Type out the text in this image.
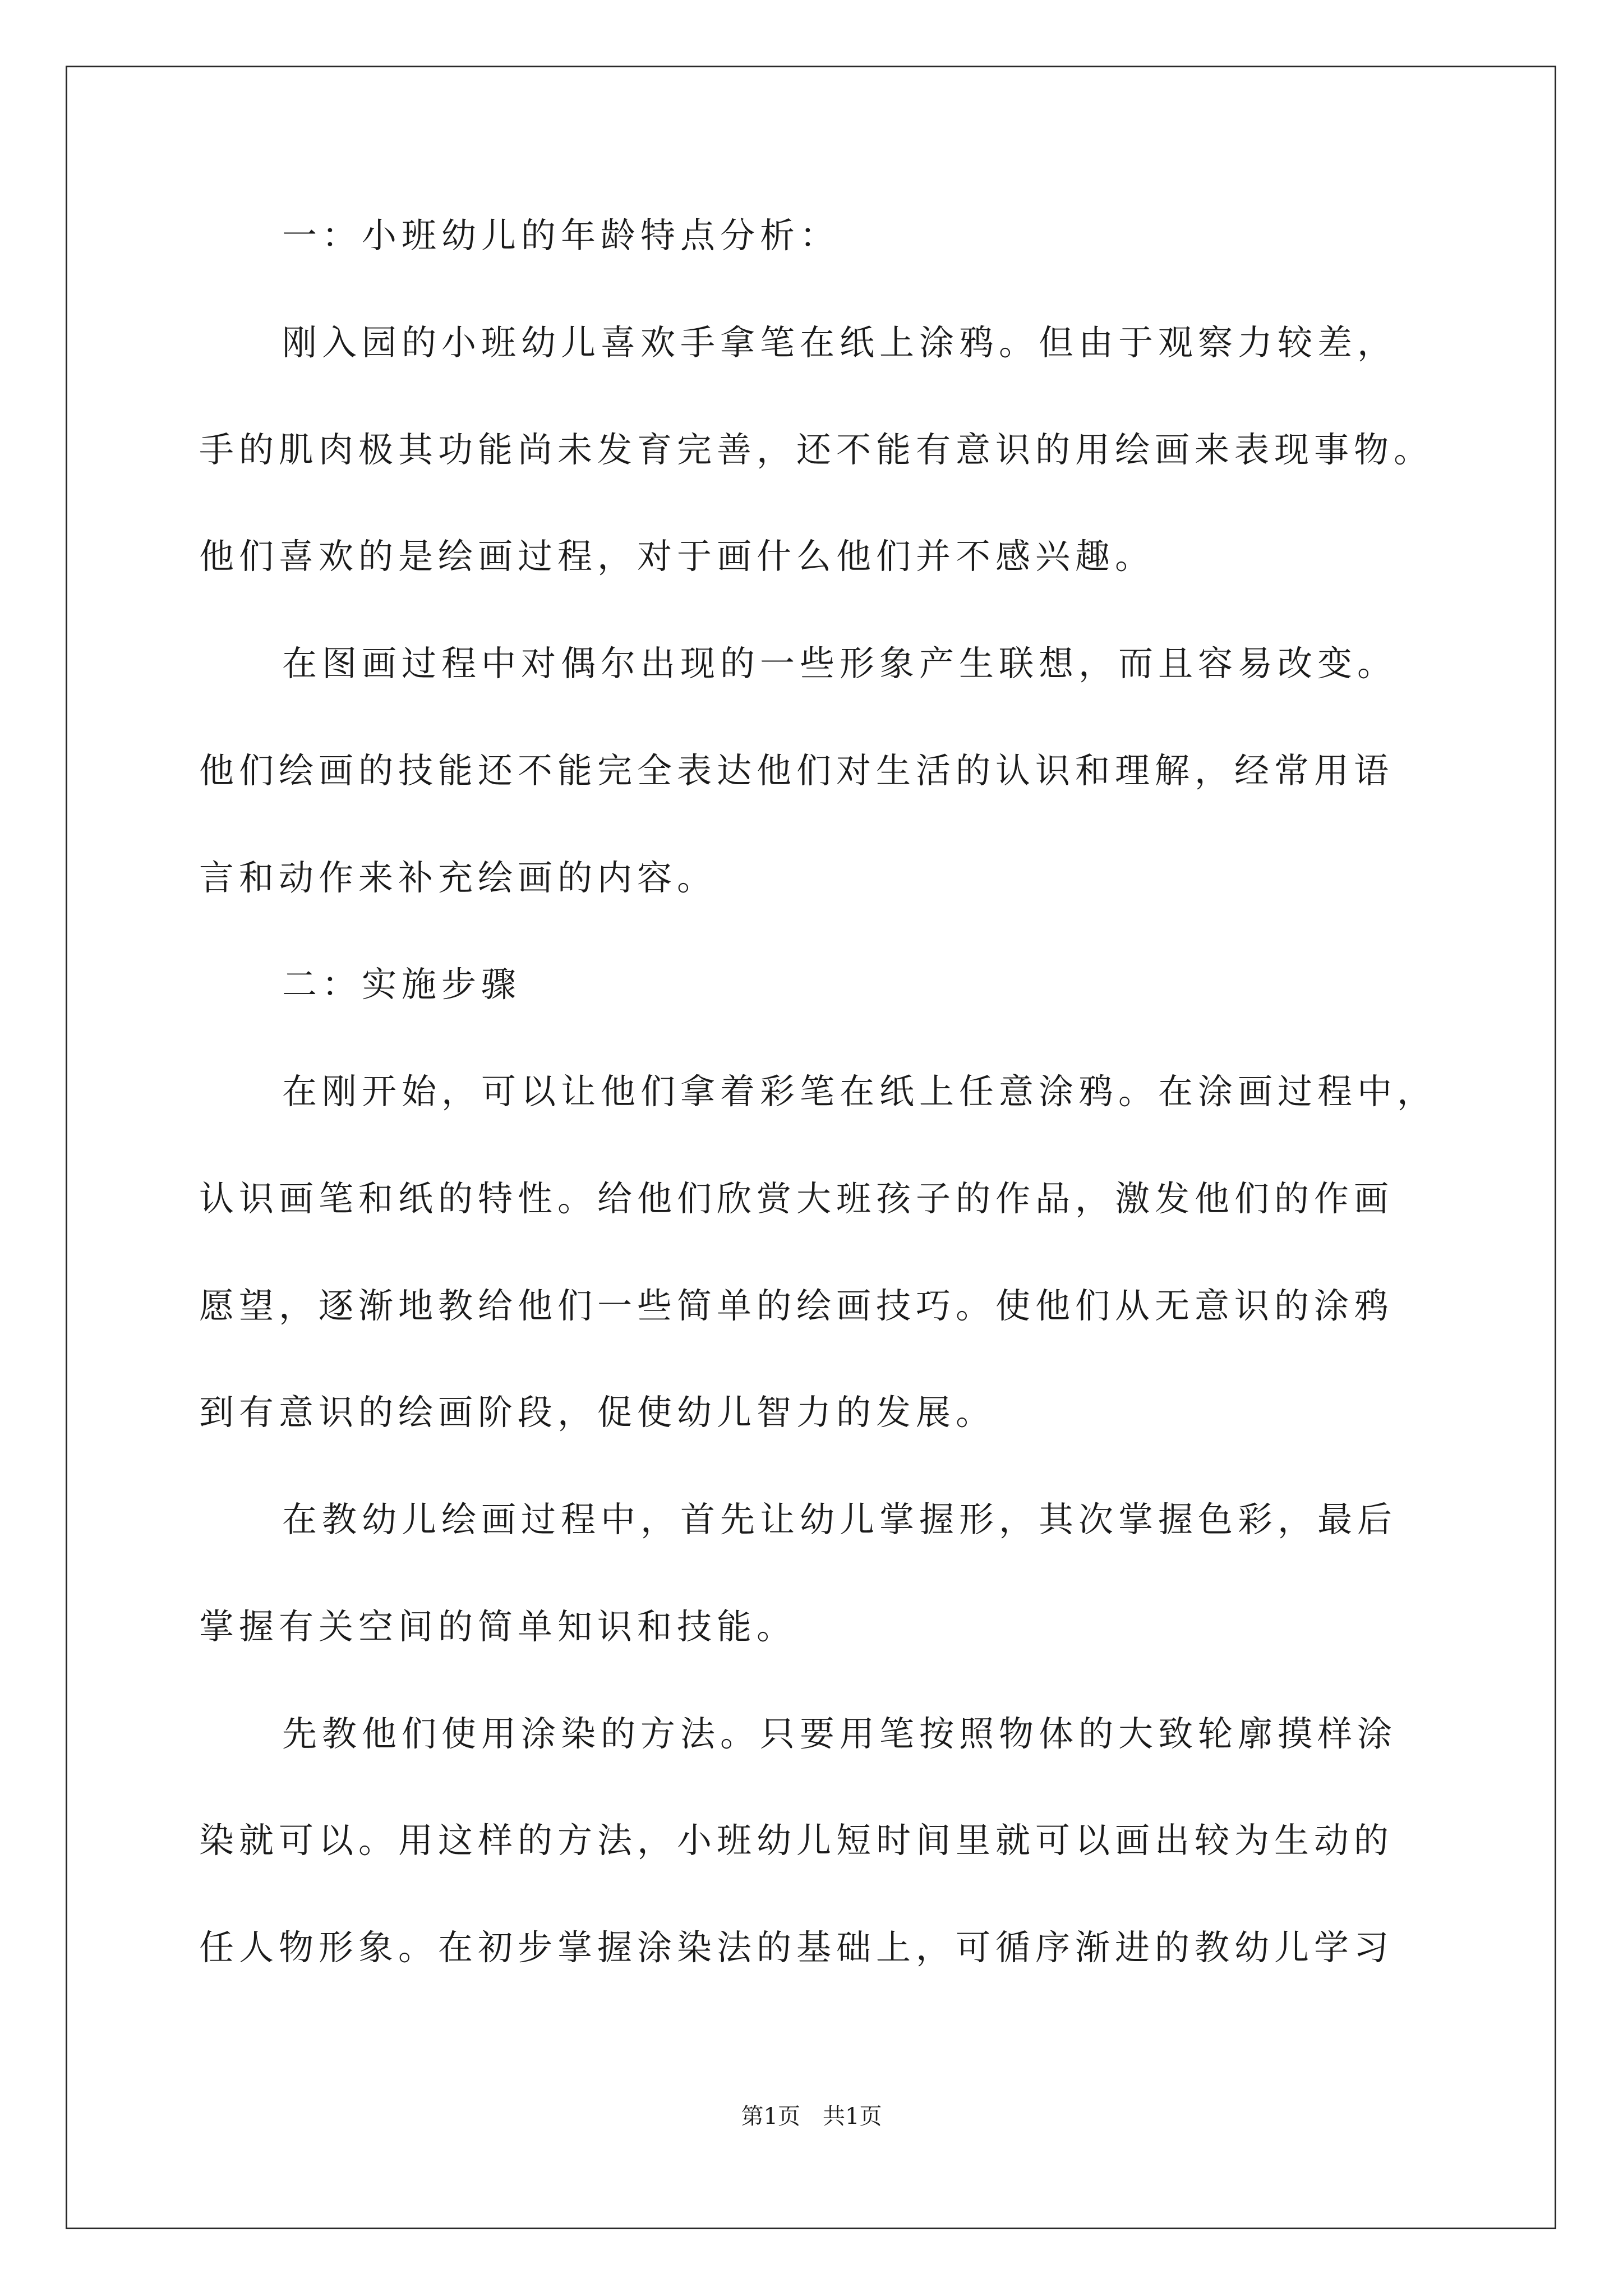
一：小班幼儿的年龄特点分析：
刚入园的小班幼儿喜欢手拿笔在纸上涂鸦。但由于观察力较差，
手的肌肉极其功能尚未发育完善，还不能有意识的用绘画来表现事物。
他们喜欢的是绘画过程，对于画什么他们并不感兴趣。
在图画过程中对偶尔出现的一些形象产生联想，而且容易改变。
他们绘画的技能还不能完全表达他们对生活的认识和理解，经常用语
言和动作来补充绘画的内容。
二：实施步骤
在刚开始，可以让他们拿着彩笔在纸上任意涂鸦。在涂画过程中，
认识画笔和纸的特性。给他们欣赏大班孩子的作品，激发他们的作画
愿望，逐渐地教给他们一些简单的绘画技巧。使他们从无意识的涂鸦
到有意识的绘画阶段，促使幼儿智力的发展。
在教幼儿绘画过程中，首先让幼儿掌握形，其次掌握色彩，最后
掌握有关空间的简单知识和技能。
先教他们使用涂染的方法。只要用笔按照物体的大致轮廓摸样涂
染就可以。用这样的方法，小班幼儿短时间里就可以画出较为生动的
任人物形象。在初步掌握涂染法的基础上，可循序渐进的教幼儿学习
第1页　共1页
